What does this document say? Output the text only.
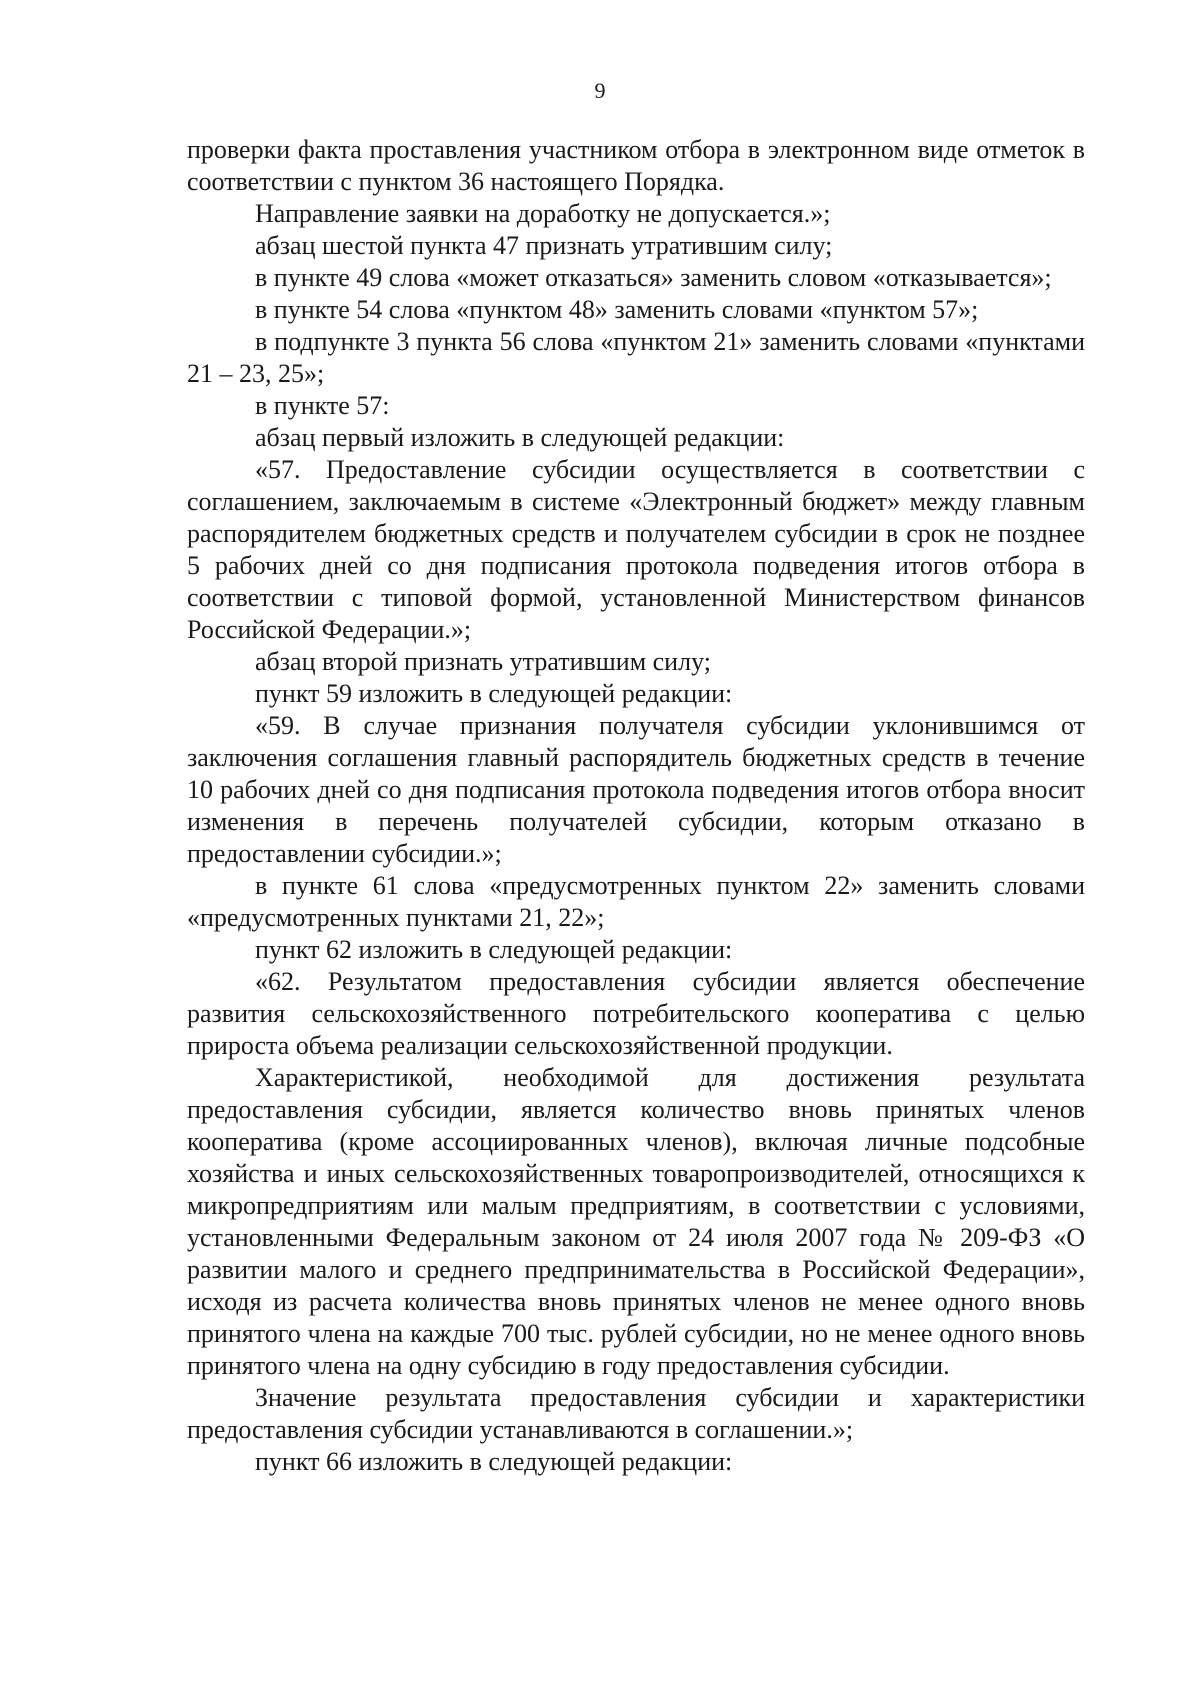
9

проверки факта проставления участником отбора в электронном виде отметок в соответствии с пунктом 36 настоящего Порядка.

Направление заявки на доработку не допускается.»;

абзац шестой пункта 47 признать утратившим силу;

в пункте 49 слова «может отказаться» заменить словом «отказывается»;

в пункте 54 слова «пунктом 48» заменить словами «пунктом 57»;

в подпункте 3 пункта 56 слова «пунктом 21» заменить словами «пунктами 21 – 23, 25»;

в пункте 57:

абзац первый изложить в следующей редакции:

«57. Предоставление субсидии осуществляется в соответствии с соглашением, заключаемым в системе «Электронный бюджет» между главным распорядителем бюджетных средств и получателем субсидии в срок не позднее 5 рабочих дней со дня подписания протокола подведения итогов отбора в соответствии с типовой формой, установленной Министерством финансов Российской Федерации.»;

абзац второй признать утратившим силу;

пункт 59 изложить в следующей редакции:

«59. В случае признания получателя субсидии уклонившимся от заключения соглашения главный распорядитель бюджетных средств в течение 10 рабочих дней со дня подписания протокола подведения итогов отбора вносит изменения в перечень получателей субсидии, которым отказано в предоставлении субсидии.»;

в пункте 61 слова «предусмотренных пунктом 22» заменить словами «предусмотренных пунктами 21, 22»;

пункт 62 изложить в следующей редакции:

«62. Результатом предоставления субсидии является обеспечение развития сельскохозяйственного потребительского кооператива с целью прироста объема реализации сельскохозяйственной продукции.

Характеристикой, необходимой для достижения результата предоставления субсидии, является количество вновь принятых членов кооператива (кроме ассоциированных членов), включая личные подсобные хозяйства и иных сельскохозяйственных товаропроизводителей, относящихся к микропредприятиям или малым предприятиям, в соответствии с условиями, установленными Федеральным законом от 24 июля 2007 года № 209-ФЗ «О развитии малого и среднего предпринимательства в Российской Федерации», исходя из расчета количества вновь принятых членов не менее одного вновь принятого члена на каждые 700 тыс. рублей субсидии, но не менее одного вновь принятого члена на одну субсидию в году предоставления субсидии.

Значение результата предоставления субсидии и характеристики предоставления субсидии устанавливаются в соглашении.»;

пункт 66 изложить в следующей редакции:
